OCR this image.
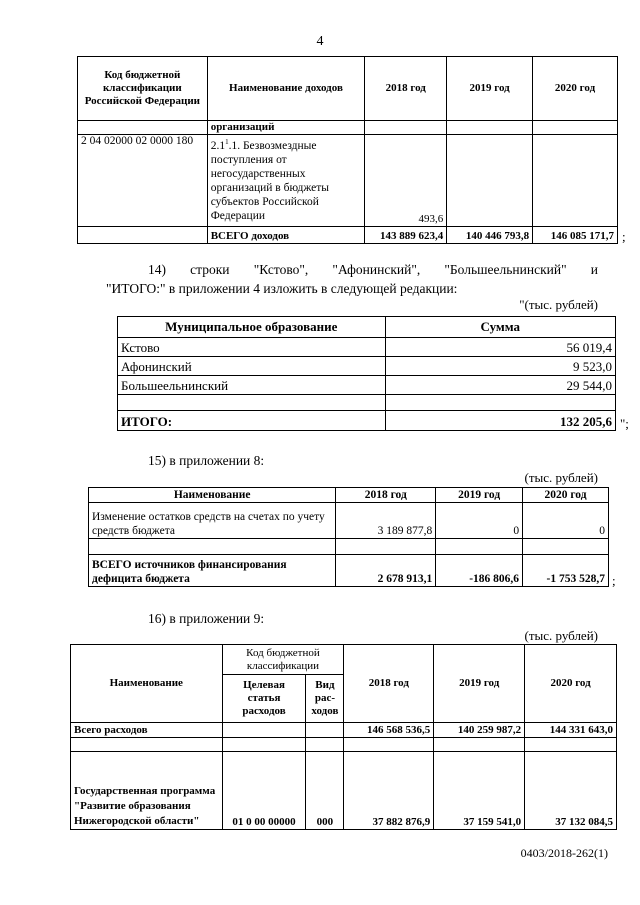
4
Код бюджетной классификации Российской Федерации	Наименование доходов	2018 год	2019 год	2020 год
	организаций			
2 04 02000 02 0000 180	$2.1^1.1$. Безвозмездные поступления от негосударственных организаций в бюджеты субъектов Российской Федерации	493,6		
	ВСЕГО доходов	143 889 623,4	140 446 793,8	146 085 171,7 ;
14) строки "Кстово", "Афонинский", "Большеельнинский" и
"ИТОГО:" в приложении 4 изложить в следующей редакции:
"(тыс. рублей)
Муниципальное образование	Сумма
Кстово	56 019,4
Афонинский	9 523,0
Большеельнинский	29 544,0

ИТОГО:	132 205,6 ";
15) в приложении 8:
(тыс. рублей)
Наименование	2018 год	2019 год	2020 год
Изменение остатков средств на счетах по учету средств бюджета	3 189 877,8	0	0

ВСЕГО источников финансирования дефицита бюджета	2 678 913,1	-186 806,6	-1 753 528,7 ;
16) в приложении 9:
(тыс. рублей)
Наименование	Код бюджетной классификации		2018 год	2019 год	2020 год
	Целевая статья расходов	Вид рас-ходов			
Всего расходов			146 568 536,5	140 259 987,2	144 331 643,0

Государственная программа "Развитие образования Нижегородской области"	01 0 00 00000	000	37 882 876,9	37 159 541,0	37 132 084,5
0403/2018-262(1)
